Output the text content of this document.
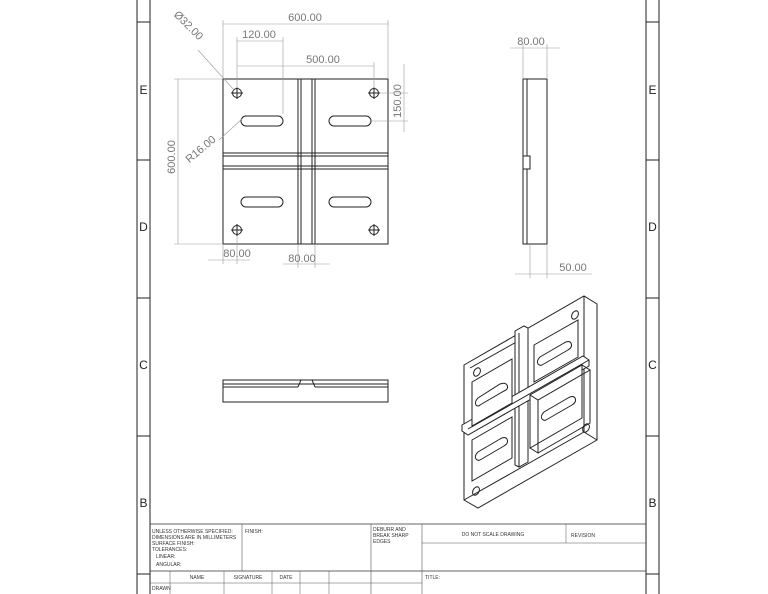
E
D
C
B
E
D
C
B
600.00
120.00
500.00
150.00
600.00
Ø32.00
R16.00
80.00	80.00
80.00
50.00
UNLESS OTHERWISE SPECIFIED:
DIMENSIONS ARE IN MILLIMETERS
SURFACE FINISH:
TOLERANCES:
LINEAR:
ANGULAR:
FINISH:	DEBURR AND
BREAK SHARP
EDGES
DO NOT SCALE DRAWING	REVISION
NAME	SIGNATURE	DATE	TITLE:
DRAWN
